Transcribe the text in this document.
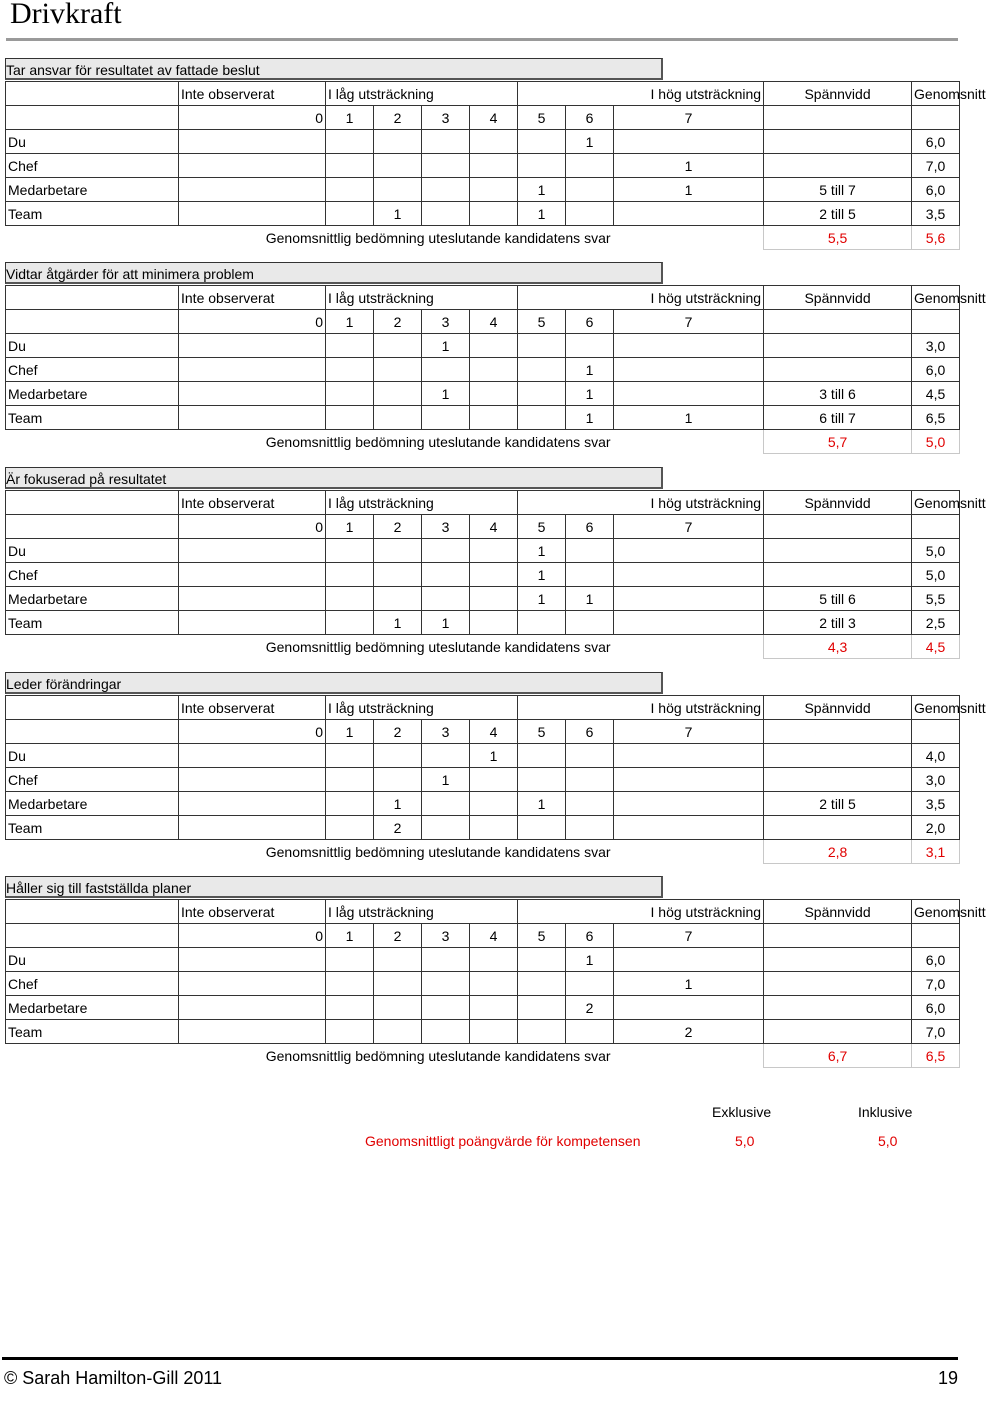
Drivkraft
Tar ansvar för resultatet av fattade beslut
	Inte observerat	I låg utsträckning				I hög utsträckning			Spännvidd	Genomsnitt
	0	1	2	3	4	5	6	7		
Du							1			6,0
Chef								1		7,0
Medarbetare						1		1	5 till 7	6,0
Team			1			1			2 till 5	3,5
Genomsnittlig bedömning uteslutande kandidatens svar									5,5	5,6
Vidtar åtgärder för att minimera problem
	Inte observerat	I låg utsträckning				I hög utsträckning			Spännvidd	Genomsnitt
	0	1	2	3	4	5	6	7		
Du				1						3,0
Chef							1			6,0
Medarbetare				1			1		3 till 6	4,5
Team							1	1	6 till 7	6,5
Genomsnittlig bedömning uteslutande kandidatens svar									5,7	5,0
Är fokuserad på resultatet
	Inte observerat	I låg utsträckning				I hög utsträckning			Spännvidd	Genomsnitt
	0	1	2	3	4	5	6	7		
Du						1				5,0
Chef						1				5,0
Medarbetare						1	1		5 till 6	5,5
Team			1	1					2 till 3	2,5
Genomsnittlig bedömning uteslutande kandidatens svar									4,3	4,5
Leder förändringar
	Inte observerat	I låg utsträckning				I hög utsträckning			Spännvidd	Genomsnitt
	0	1	2	3	4	5	6	7		
Du					1					4,0
Chef				1						3,0
Medarbetare			1			1			2 till 5	3,5
Team			2							2,0
Genomsnittlig bedömning uteslutande kandidatens svar									2,8	3,1
Håller sig till fastställda planer
	Inte observerat	I låg utsträckning				I hög utsträckning			Spännvidd	Genomsnitt
	0	1	2	3	4	5	6	7		
Du							1			6,0
Chef								1		7,0
Medarbetare							2			6,0
Team								2		7,0
Genomsnittlig bedömning uteslutande kandidatens svar									6,7	6,5
Exklusive	Inklusive
Genomsnittligt poängvärde för kompetensen	5,0	5,0
© Sarah Hamilton-Gill 2011	19
